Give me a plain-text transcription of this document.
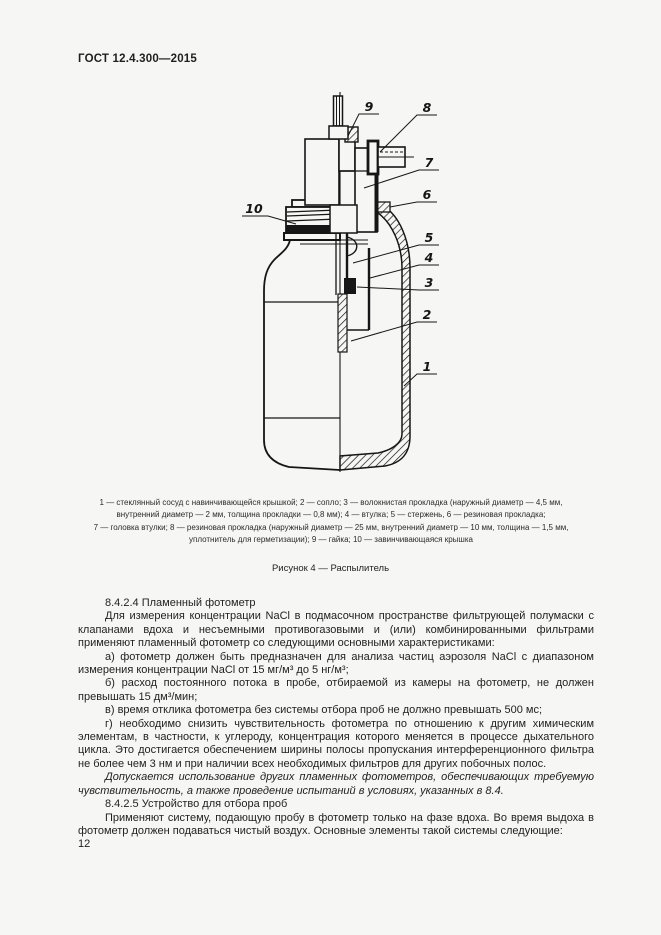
ГОСТ 12.4.300—2015
9	8
7
6
5
4
3
2
1
10
1 — стеклянный сосуд с навинчивающейся крышкой; 2 — сопло; 3 — волокнистая прокладка (наружный диаметр — 4,5 мм,
внутренний диаметр — 2 мм, толщина прокладки — 0,8 мм); 4 — втулка; 5 — стержень, 6 — резиновая прокладка;
7 — головка втулки; 8 — резиновая прокладка (наружный диаметр — 25 мм, внутренний диаметр — 10 мм, толщина — 1,5 мм,
уплотнитель для герметизации); 9 — гайка; 10 — завинчивающаяся крышка
Рисунок 4 — Распылитель

8.4.2.4 Пламенный фотометр

Для измерения концентрации NaCl в подмасочном пространстве фильтрующей полумаски с клапанами вдоха и несъемными противогазовыми и (или) комбинированными фильтрами применяют пламенный фотометр со следующими основными характеристиками:

а) фотометр должен быть предназначен для анализа частиц аэрозоля NaCl с диапазоном измерения концентрации NaCl от 15 мг/м³ до 5 нг/м³;

б) расход постоянного потока в пробе, отбираемой из камеры на фотометр, не должен превышать 15 дм³/мин;

в) время отклика фотометра без системы отбора проб не должно превышать 500 мс;

г) необходимо снизить чувствительность фотометра по отношению к другим химическим элементам, в частности, к углероду, концентрация которого меняется в процессе дыхательного цикла. Это достигается обеспечением ширины полосы пропускания интерференционного фильтра не более чем 3 нм и при наличии всех необходимых фильтров для других побочных полос.

Допускается использование других пламенных фотометров, обеспечивающих требуемую чувствительность, а также проведение испытаний в условиях, указанных в 8.4.

8.4.2.5 Устройство для отбора проб

Применяют систему, подающую пробу в фотометр только на фазе вдоха. Во время выдоха в фотометр должен подаваться чистый воздух. Основные элементы такой системы следующие:

12
